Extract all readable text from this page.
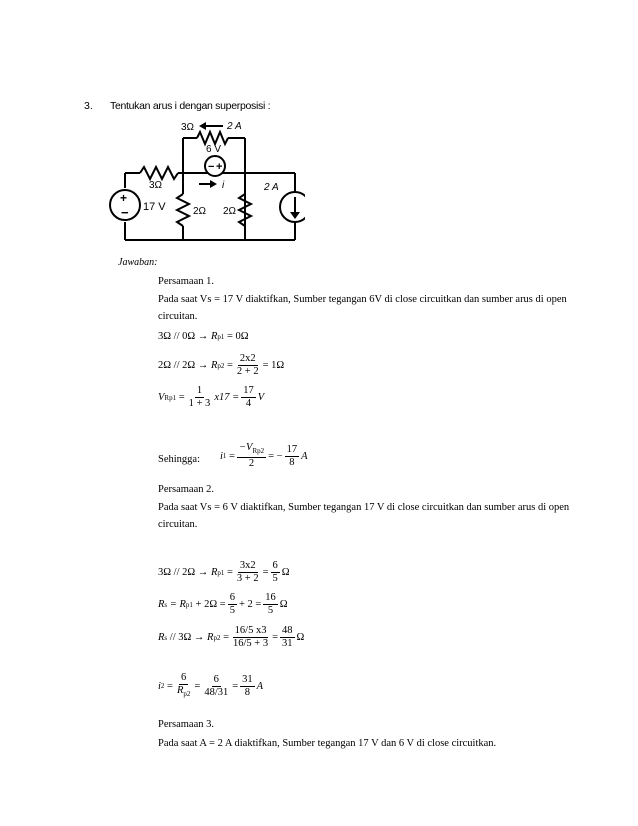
3. Tentukan arus i dengan superposisi :
− +
+
−
3Ω	2 A
6 V
3Ω	i	2 A
17 V	2Ω 2Ω
Jawaban:
Persamaan 1.
Pada saat Vs = 17 V diaktifkan, Sumber tegangan 6V di close circuitkan dan sumber arus di open circuitan.
3Ω // 0Ω →
R p1
= 0Ω
2Ω // 2Ω →
R p2
= $\frac{2x2}{2 + 2} = 1\Omega$
V Rp1
= $\frac{1}{1 + 3} x17 = \frac{17}{4}$ V
Sehingga: i 1
= $\frac{-V_{Rp2}}{2}$ = − $\frac{17}{8}$ A
Persamaan 2.
Pada saat Vs = 6 V diaktifkan, Sumber tegangan 17 V di close circuitkan dan sumber arus di open circuitan.
3Ω // 2Ω →
R p1
= $\frac{3x2}{3 + 2} = \frac{6}{5}$ Ω
R s
= R p1
+ $2\Omega = \frac{6}{5} + 2 = \frac{16}{5}$ Ω
R s
// 3Ω →
R p2
= $\frac{16/5 x3}{16/5 + 3} = \frac{48}{31}$ Ω
i 2
= $\frac{6}{R_{p2}} = \frac{6}{48/31} = \frac{31}{8}$ A
Persamaan 3.
Pada saat A = 2 A diaktifkan, Sumber tegangan 17 V dan 6 V di close circuitkan.
